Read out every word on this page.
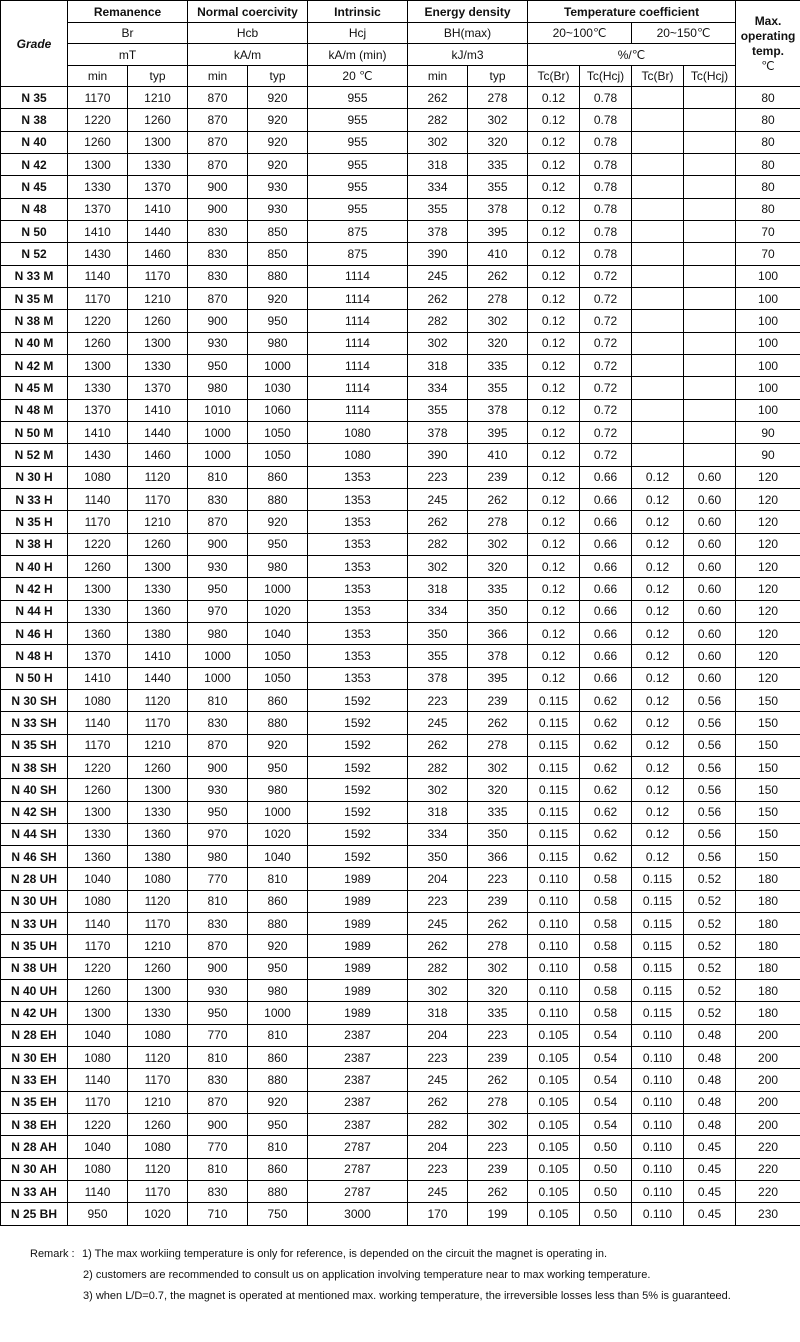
Grade	Remanence		Normal coercivity		Intrinsic	Energy density		Temperature coefficient				Max. operating temp.
℃
	Br		Hcb		Hcj	BH(max)		20~100℃		20~150℃		
	mT		kA/m		kA/m (min)	kJ/m3		%/℃				
	min	typ	min	typ	20 ℃	min	typ	Tc(Br)	Tc(Hcj)	Tc(Br)	Tc(Hcj)	
N 35	1170	1210	870	920	955	262	278	0.12	0.78			80
N 38	1220	1260	870	920	955	282	302	0.12	0.78			80
N 40	1260	1300	870	920	955	302	320	0.12	0.78			80
N 42	1300	1330	870	920	955	318	335	0.12	0.78			80
N 45	1330	1370	900	930	955	334	355	0.12	0.78			80
N 48	1370	1410	900	930	955	355	378	0.12	0.78			80
N 50	1410	1440	830	850	875	378	395	0.12	0.78			70
N 52	1430	1460	830	850	875	390	410	0.12	0.78			70
N 33 M	1140	1170	830	880	1114	245	262	0.12	0.72			100
N 35 M	1170	1210	870	920	1114	262	278	0.12	0.72			100
N 38 M	1220	1260	900	950	1114	282	302	0.12	0.72			100
N 40 M	1260	1300	930	980	1114	302	320	0.12	0.72			100
N 42 M	1300	1330	950	1000	1114	318	335	0.12	0.72			100
N 45 M	1330	1370	980	1030	1114	334	355	0.12	0.72			100
N 48 M	1370	1410	1010	1060	1114	355	378	0.12	0.72			100
N 50 M	1410	1440	1000	1050	1080	378	395	0.12	0.72			90
N 52 M	1430	1460	1000	1050	1080	390	410	0.12	0.72			90
N 30 H	1080	1120	810	860	1353	223	239	0.12	0.66	0.12	0.60	120
N 33 H	1140	1170	830	880	1353	245	262	0.12	0.66	0.12	0.60	120
N 35 H	1170	1210	870	920	1353	262	278	0.12	0.66	0.12	0.60	120
N 38 H	1220	1260	900	950	1353	282	302	0.12	0.66	0.12	0.60	120
N 40 H	1260	1300	930	980	1353	302	320	0.12	0.66	0.12	0.60	120
N 42 H	1300	1330	950	1000	1353	318	335	0.12	0.66	0.12	0.60	120
N 44 H	1330	1360	970	1020	1353	334	350	0.12	0.66	0.12	0.60	120
N 46 H	1360	1380	980	1040	1353	350	366	0.12	0.66	0.12	0.60	120
N 48 H	1370	1410	1000	1050	1353	355	378	0.12	0.66	0.12	0.60	120
N 50 H	1410	1440	1000	1050	1353	378	395	0.12	0.66	0.12	0.60	120
N 30 SH	1080	1120	810	860	1592	223	239	0.115	0.62	0.12	0.56	150
N 33 SH	1140	1170	830	880	1592	245	262	0.115	0.62	0.12	0.56	150
N 35 SH	1170	1210	870	920	1592	262	278	0.115	0.62	0.12	0.56	150
N 38 SH	1220	1260	900	950	1592	282	302	0.115	0.62	0.12	0.56	150
N 40 SH	1260	1300	930	980	1592	302	320	0.115	0.62	0.12	0.56	150
N 42 SH	1300	1330	950	1000	1592	318	335	0.115	0.62	0.12	0.56	150
N 44 SH	1330	1360	970	1020	1592	334	350	0.115	0.62	0.12	0.56	150
N 46 SH	1360	1380	980	1040	1592	350	366	0.115	0.62	0.12	0.56	150
N 28 UH	1040	1080	770	810	1989	204	223	0.110	0.58	0.115	0.52	180
N 30 UH	1080	1120	810	860	1989	223	239	0.110	0.58	0.115	0.52	180
N 33 UH	1140	1170	830	880	1989	245	262	0.110	0.58	0.115	0.52	180
N 35 UH	1170	1210	870	920	1989	262	278	0.110	0.58	0.115	0.52	180
N 38 UH	1220	1260	900	950	1989	282	302	0.110	0.58	0.115	0.52	180
N 40 UH	1260	1300	930	980	1989	302	320	0.110	0.58	0.115	0.52	180
N 42 UH	1300	1330	950	1000	1989	318	335	0.110	0.58	0.115	0.52	180
N 28 EH	1040	1080	770	810	2387	204	223	0.105	0.54	0.110	0.48	200
N 30 EH	1080	1120	810	860	2387	223	239	0.105	0.54	0.110	0.48	200
N 33 EH	1140	1170	830	880	2387	245	262	0.105	0.54	0.110	0.48	200
N 35 EH	1170	1210	870	920	2387	262	278	0.105	0.54	0.110	0.48	200
N 38 EH	1220	1260	900	950	2387	282	302	0.105	0.54	0.110	0.48	200
N 28 AH	1040	1080	770	810	2787	204	223	0.105	0.50	0.110	0.45	220
N 30 AH	1080	1120	810	860	2787	223	239	0.105	0.50	0.110	0.45	220
N 33 AH	1140	1170	830	880	2787	245	262	0.105	0.50	0.110	0.45	220
N 25 BH	950	1020	710	750	3000	170	199	0.105	0.50	0.110	0.45	230
Remark : 1) The max workiing temperature is only for reference, is depended on the circuit the magnet is operating in.
2) customers are recommended to consult us on application involving temperature near to max working temperature.
3) when L/D=0.7, the magnet is operated at mentioned max. working temperature, the irreversible losses less than 5% is guaranteed.
